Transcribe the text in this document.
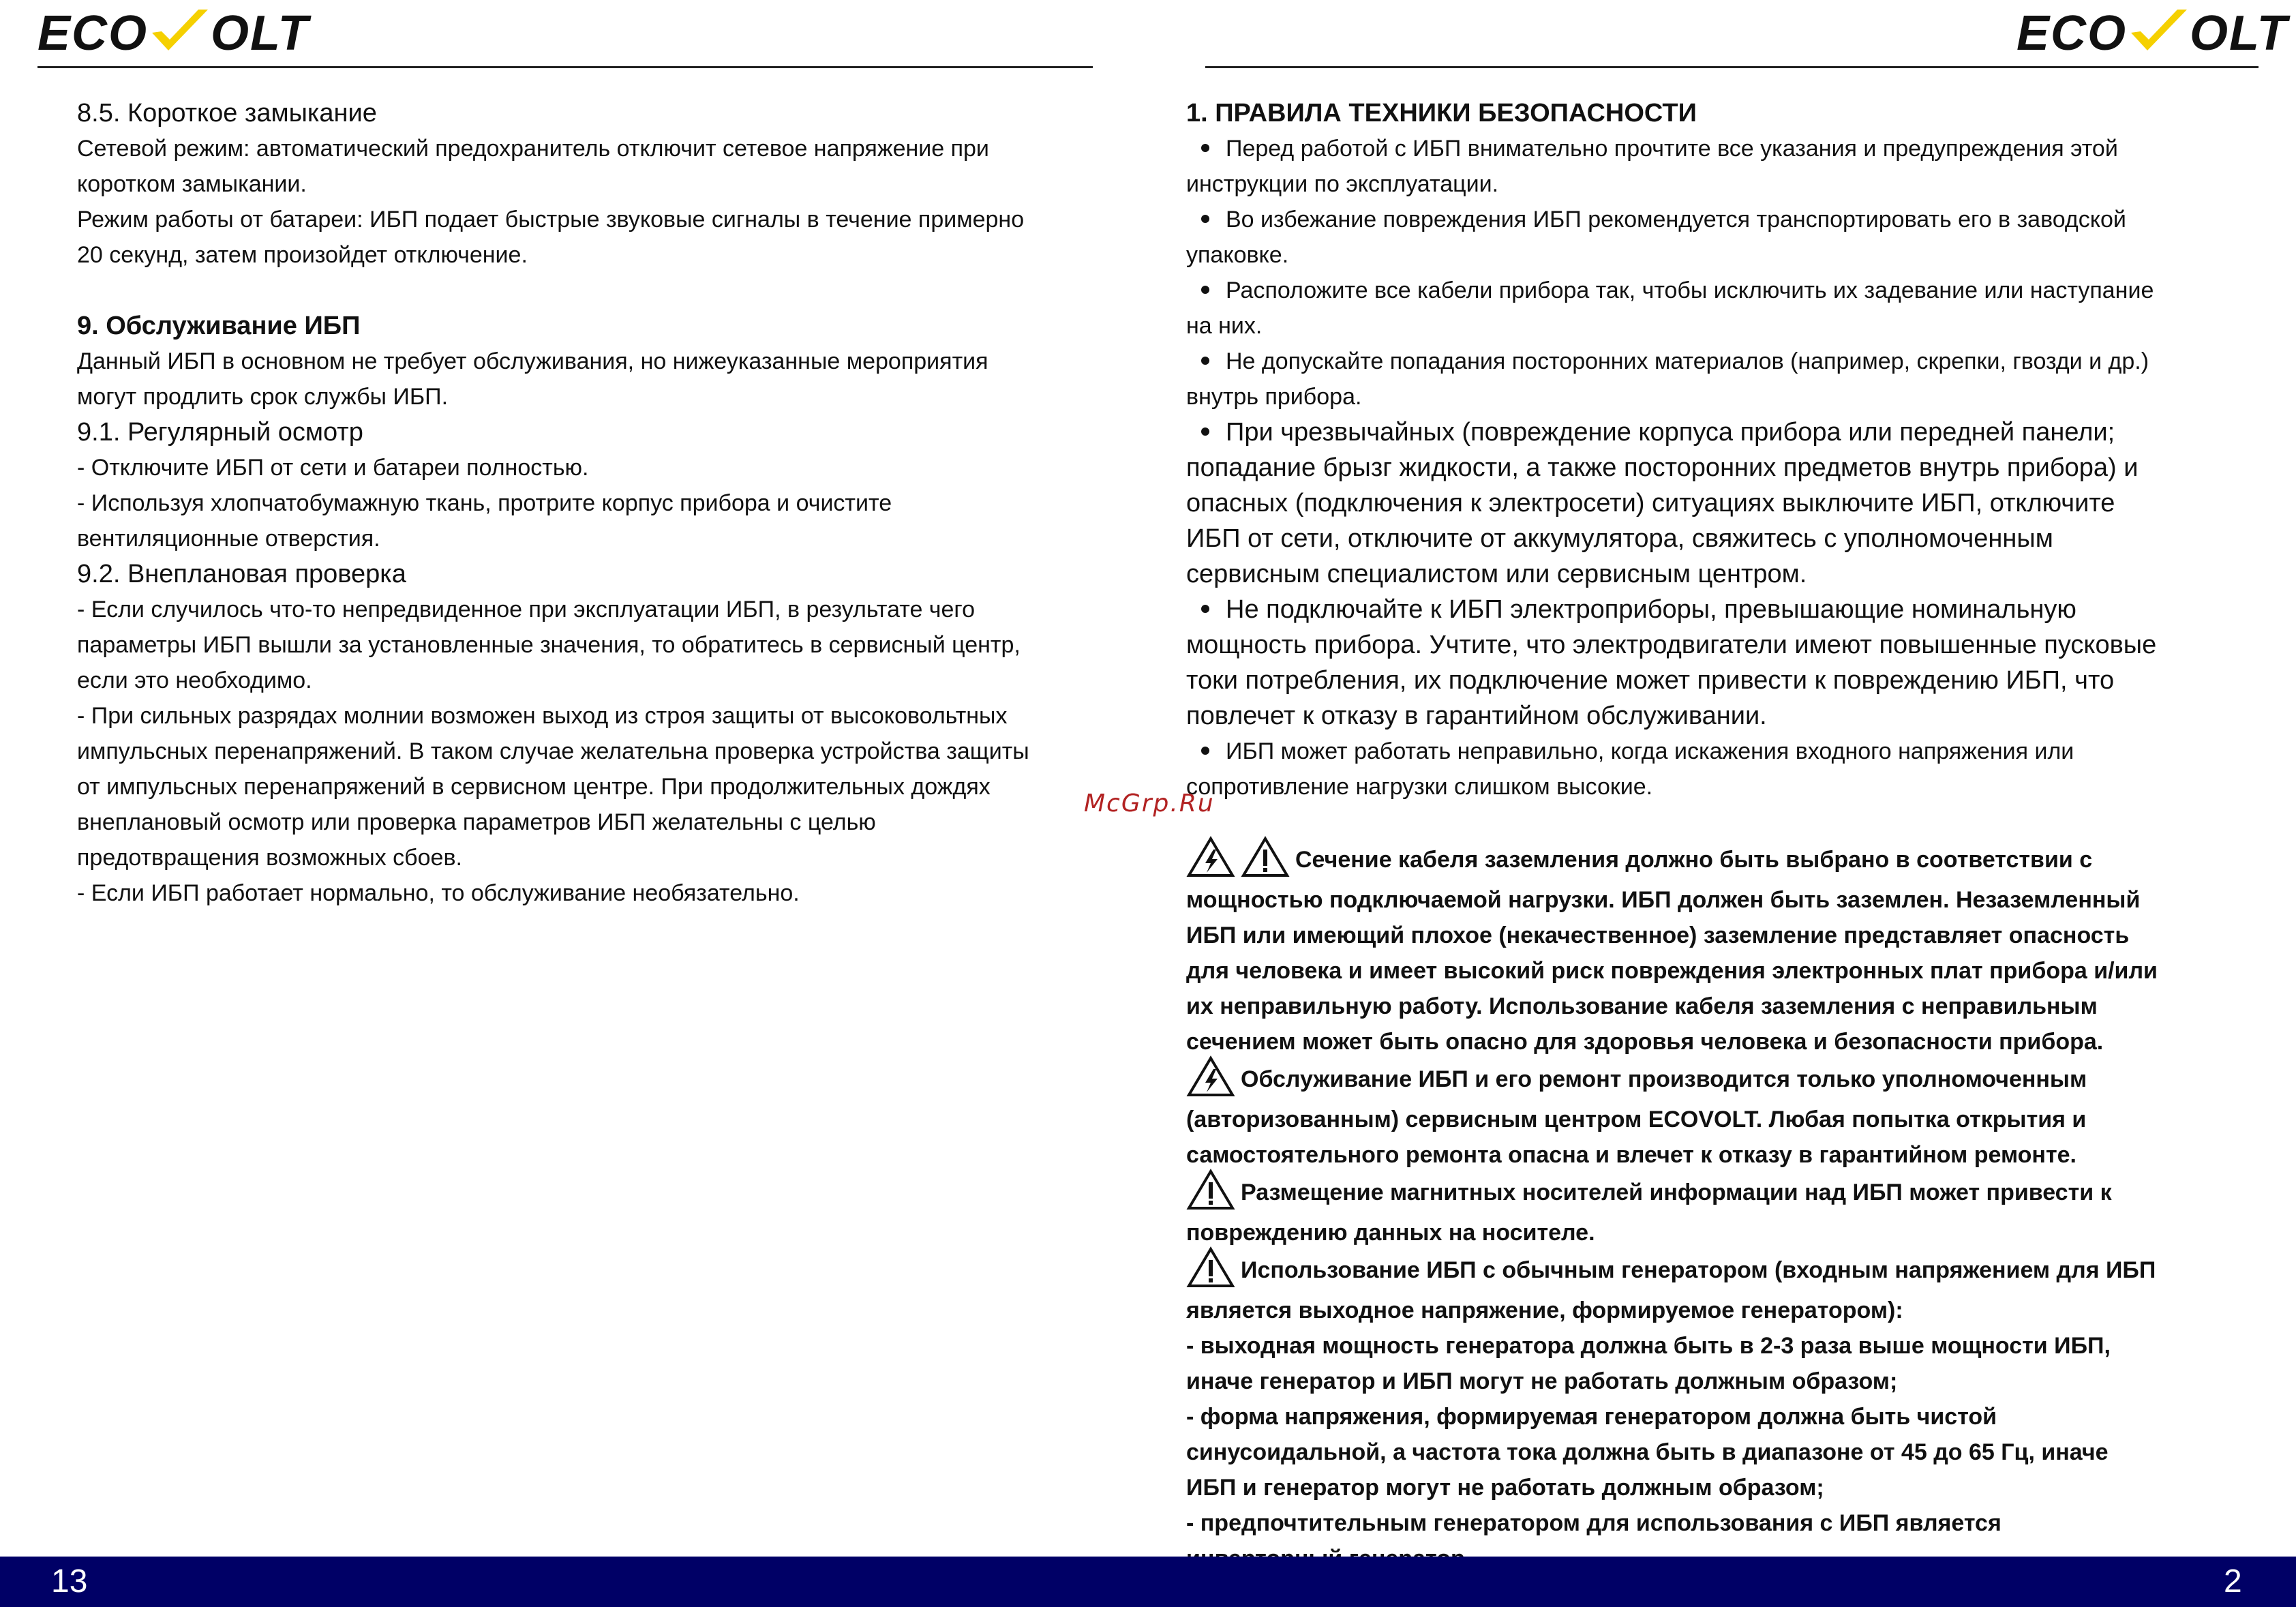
ECO OLT	ECO OLT

8.5. Короткое замыкание

Сетевой режим: автоматический предохранитель отключит сетевое напряжение при

коротком замыкании.

Режим работы от батареи: ИБП подает быстрые звуковые сигналы в течение примерно

20 секунд, затем произойдет отключение.

9. Обслуживание ИБП

Данный ИБП в основном не требует обслуживания, но нижеуказанные мероприятия

могут продлить срок службы ИБП.

9.1. Регулярный осмотр

- Отключите ИБП от сети и батареи полностью.

- Используя хлопчатобумажную ткань, протрите корпус прибора и очистите

вентиляционные отверстия.

9.2. Внеплановая проверка

- Если случилось что-то непредвиденное при эксплуатации ИБП, в результате чего

параметры ИБП вышли за установленные значения, то обратитесь в сервисный центр,

если это необходимо.

- При сильных разрядах молнии возможен выход из строя защиты от высоковольтных

импульсных перенапряжений. В таком случае желательна проверка устройства защиты

от импульсных перенапряжений в сервисном центре. При продолжительных дождях

внеплановый осмотр или проверка параметров ИБП желательны с целью

предотвращения возможных сбоев.

- Если ИБП работает нормально, то обслуживание необязательно.

1. ПРАВИЛА ТЕХНИКИ БЕЗОПАСНОСТИ

Перед работой с ИБП внимательно прочтите все указания и предупреждения этой

инструкции по эксплуатации.

Во избежание повреждения ИБП рекомендуется транспортировать его в заводской

упаковке.

Расположите все кабели прибора так, чтобы исключить их задевание или наступание

на них.

Не допускайте попадания посторонних материалов (например, скрепки, гвозди и др.)

внутрь прибора.

При чрезвычайных (повреждение корпуса прибора или передней панели;

попадание брызг жидкости, а также посторонних предметов внутрь прибора) и

опасных (подключения к электросети) ситуациях выключите ИБП, отключите

ИБП от сети, отключите от аккумулятора, свяжитесь с уполномоченным

сервисным специалистом или сервисным центром.

Не подключайте к ИБП электроприборы, превышающие номинальную

мощность прибора. Учтите, что электродвигатели имеют повышенные пусковые

токи потребления, их подключение может привести к повреждению ИБП, что

повлечет к отказу в гарантийном обслуживании.

ИБП может работать неправильно, когда искажения входного напряжения или

сопротивление нагрузки слишком высокие.

Сечение кабеля заземления должно быть выбрано в соответствии с

мощностью подключаемой нагрузки. ИБП должен быть заземлен. Незаземленный

ИБП или имеющий плохое (некачественное) заземление представляет опасность

для человека и имеет высокий риск повреждения электронных плат прибора и/или

их неправильную работу. Использование кабеля заземления с неправильным

сечением может быть опасно для здоровья человека и безопасности прибора.

Обслуживание ИБП и его ремонт производится только уполномоченным

(авторизованным) сервисным центром ECOVOLT. Любая попытка открытия и

самостоятельного ремонта опасна и влечет к отказу в гарантийном ремонте.

Размещение магнитных носителей информации над ИБП может привести к

повреждению данных на носителе.

Использование ИБП с обычным генератором (входным напряжением для ИБП

является выходное напряжение, формируемое генератором):

- выходная мощность генератора должна быть в 2-3 раза выше мощности ИБП,

иначе генератор и ИБП могут не работать должным образом;

- форма напряжения, формируемая генератором должна быть чистой

синусоидальной, а частота тока должна быть в диапазоне от 45 до 65 Гц, иначе

ИБП и генератор могут не работать должным образом;

- предпочтительным генератором для использования с ИБП является

McGrp.Ru
13	2
